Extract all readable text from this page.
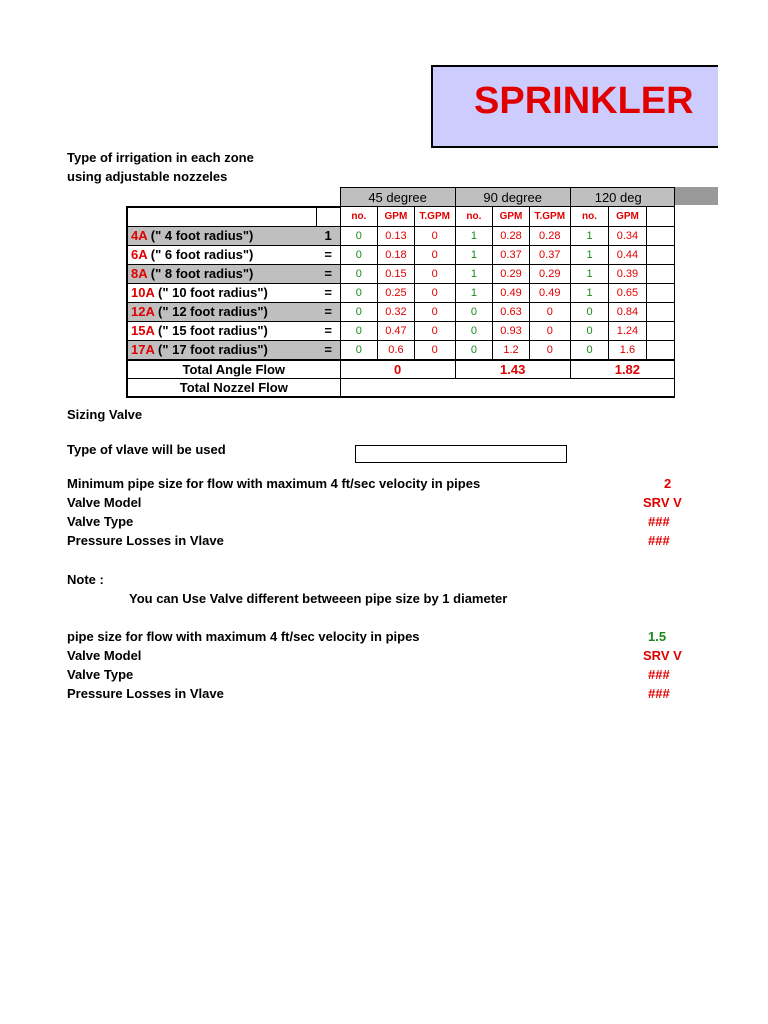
SPRINKLER
Type of irrigation in each zone
using adjustable nozzeles
		45 degree			90 degree			120 deg		
		no.	GPM	T.GPM	no.	GPM	T.GPM	no.	GPM	
4A (" 4 foot radius")	1	0	0.13	0	1	0.28	0.28	1	0.34	
6A (" 6 foot radius")	=	0	0.18	0	1	0.37	0.37	1	0.44	
8A (" 8 foot radius")	=	0	0.15	0	1	0.29	0.29	1	0.39	
10A (" 10 foot radius")	=	0	0.25	0	1	0.49	0.49	1	0.65	
12A (" 12 foot radius")	=	0	0.32	0	0	0.63	0	0	0.84	
15A (" 15 foot radius")	=	0	0.47	0	0	0.93	0	0	1.24	
17A (" 17 foot radius")	=	0	0.6	0	0	1.2	0	0	1.6	
Total Angle Flow		0			1.43			1.82		
Total Nozzel Flow										
Sizing Valve
Type of vlave will be used
Minimum pipe size for flow with maximum 4 ft/sec velocity in pipes	2
Valve Model	SRV V
Valve Type	###
Pressure Losses in Vlave	###
Note :
You can Use Valve different betweeen pipe size by 1 diameter
pipe size for flow with maximum 4 ft/sec velocity in pipes	1.5
Valve Model	SRV V
Valve Type	###
Pressure Losses in Vlave	###
